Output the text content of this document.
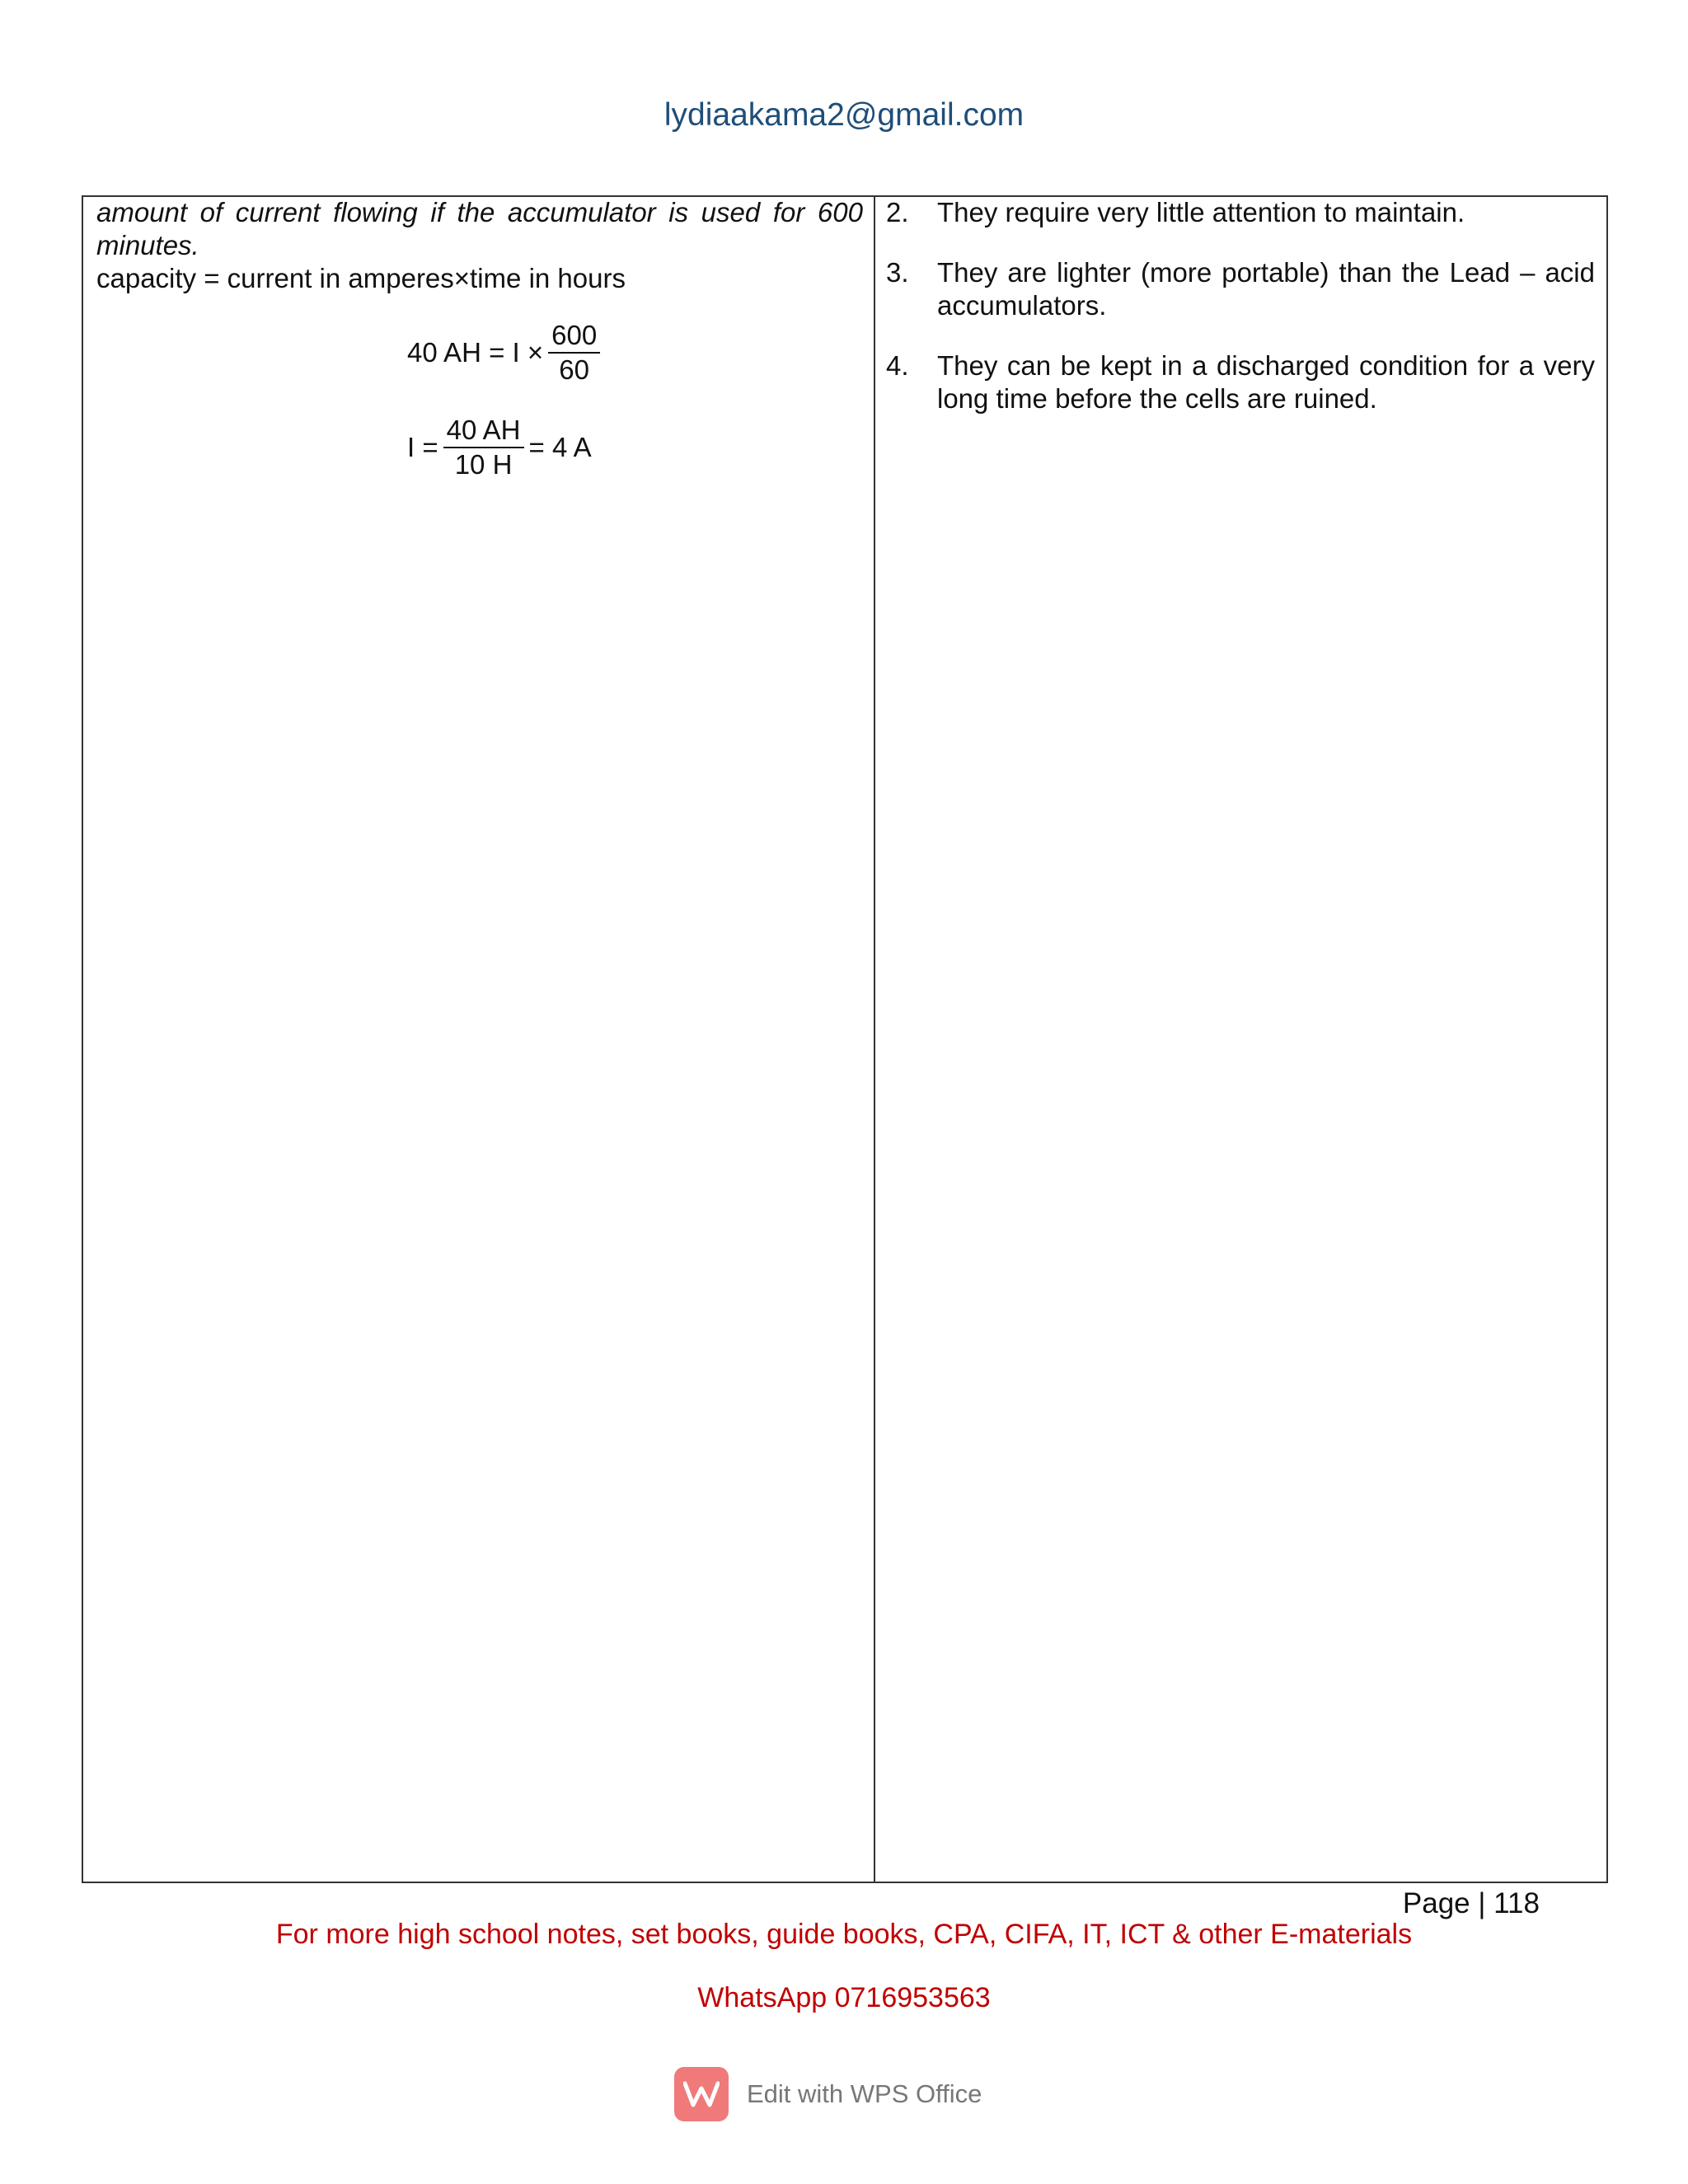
lydiaakama2@gmail.com
amount of current flowing if the accumulator is used for 600 minutes.
capacity = current in amperes×time in hours
40 AH = $I \times \frac{600}{60}$
$I = \frac{40 AH}{10 H} = 4$ A
2.	They require very little attention to maintain.
3.	They are lighter (more portable) than the Lead – acid accumulators.
4.	They can be kept in a discharged condition for a very long time before the cells are ruined.
Page | 118
For more high school notes, set books, guide books, CPA, CIFA, IT, ICT & other E-materials
WhatsApp 0716953563
Edit with WPS Office
